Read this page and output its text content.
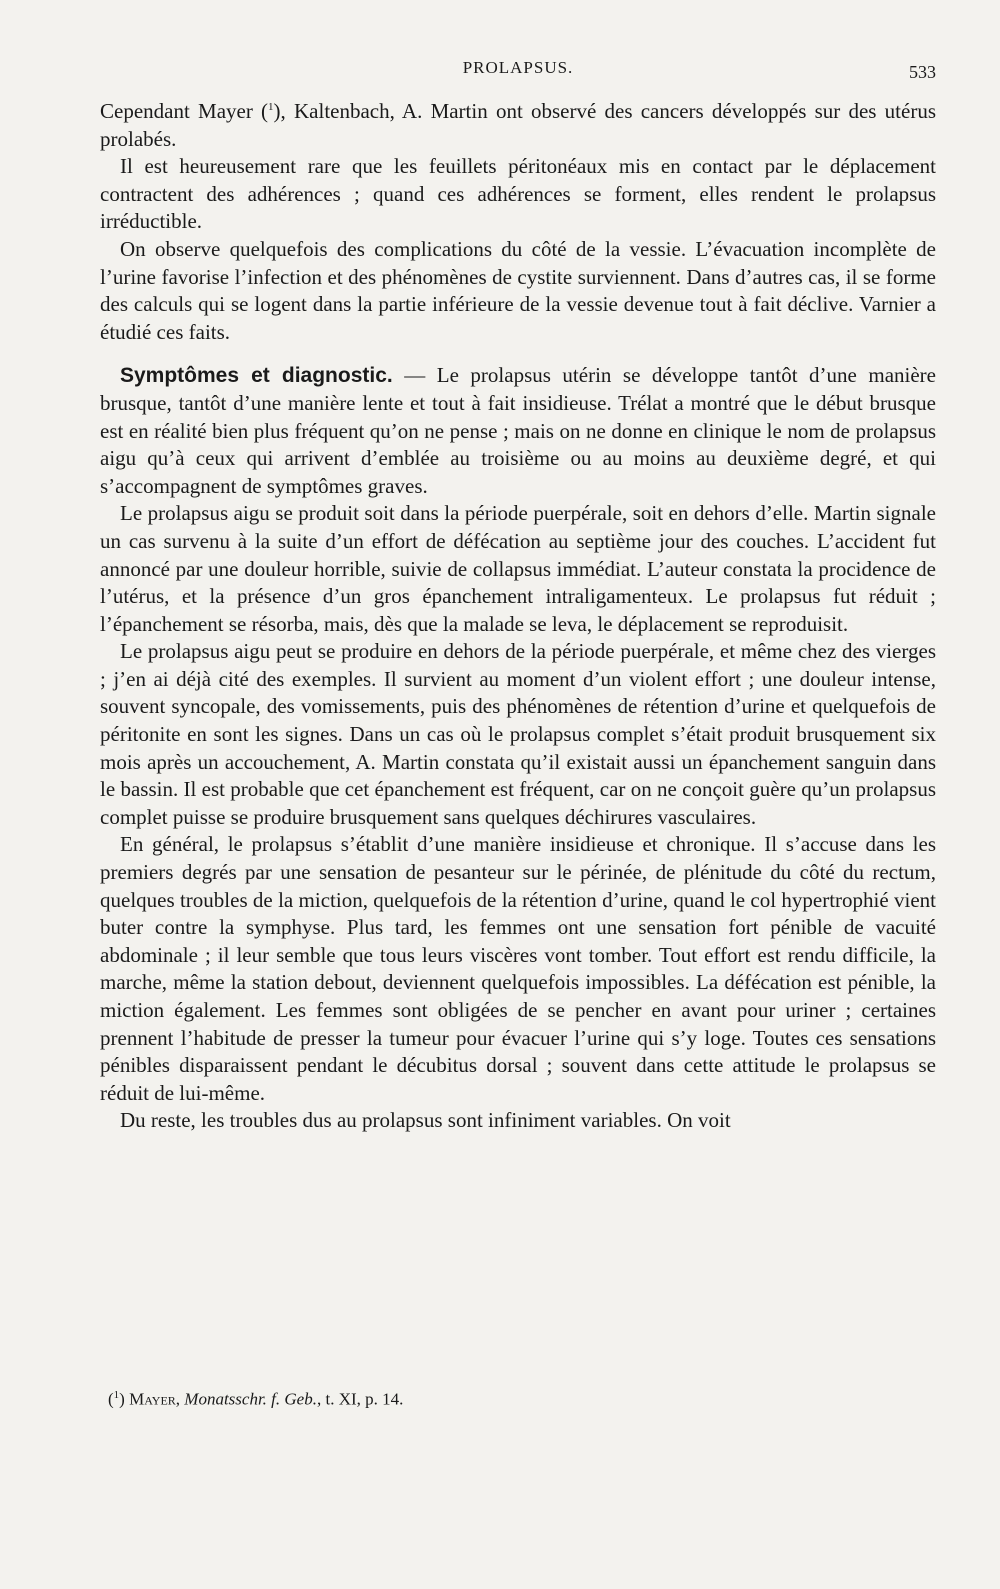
PROLAPSUS.	533

Cependant Mayer ($^1$), Kaltenbach, A. Martin ont observé des cancers développés sur des utérus prolabés.

Il est heureusement rare que les feuillets péritonéaux mis en contact par le déplacement contractent des adhérences ; quand ces adhérences se forment, elles rendent le prolapsus irréductible.

On observe quelquefois des complications du côté de la vessie. L’évacuation incomplète de l’urine favorise l’infection et des phénomènes de cystite surviennent. Dans d’autres cas, il se forme des calculs qui se logent dans la partie inférieure de la vessie devenue tout à fait déclive. Varnier a étudié ces faits.

Symptômes et diagnostic. — Le prolapsus utérin se développe tantôt d’une manière brusque, tantôt d’une manière lente et tout à fait insidieuse. Trélat a montré que le début brusque est en réalité bien plus fréquent qu’on ne pense ; mais on ne donne en clinique le nom de prolapsus aigu qu’à ceux qui arrivent d’emblée au troisième ou au moins au deuxième degré, et qui s’accompagnent de symptômes graves.

Le prolapsus aigu se produit soit dans la période puerpérale, soit en dehors d’elle. Martin signale un cas survenu à la suite d’un effort de défécation au septième jour des couches. L’accident fut annoncé par une douleur horrible, suivie de collapsus immédiat. L’auteur constata la procidence de l’utérus, et la présence d’un gros épanchement intraligamenteux. Le prolapsus fut réduit ; l’épanchement se résorba, mais, dès que la malade se leva, le déplacement se reproduisit.

Le prolapsus aigu peut se produire en dehors de la période puerpérale, et même chez des vierges ; j’en ai déjà cité des exemples. Il survient au moment d’un violent effort ; une douleur intense, souvent syncopale, des vomissements, puis des phénomènes de rétention d’urine et quelquefois de péritonite en sont les signes. Dans un cas où le prolapsus complet s’était produit brusquement six mois après un accouchement, A. Martin constata qu’il existait aussi un épanchement sanguin dans le bassin. Il est probable que cet épanchement est fréquent, car on ne conçoit guère qu’un prolapsus complet puisse se produire brusquement sans quelques déchirures vasculaires.

En général, le prolapsus s’établit d’une manière insidieuse et chronique. Il s’accuse dans les premiers degrés par une sensation de pesanteur sur le périnée, de plénitude du côté du rectum, quelques troubles de la miction, quelquefois de la rétention d’urine, quand le col hypertrophié vient buter contre la symphyse. Plus tard, les femmes ont une sensation fort pénible de vacuité abdominale ; il leur semble que tous leurs viscères vont tomber. Tout effort est rendu difficile, la marche, même la station debout, deviennent quelquefois impossibles. La défécation est pénible, la miction également. Les femmes sont obligées de se pencher en avant pour uriner ; certaines prennent l’habitude de presser la tumeur pour évacuer l’urine qui s’y loge. Toutes ces sensations pénibles disparaissent pendant le décubitus dorsal ; souvent dans cette attitude le prolapsus se réduit de lui-même.

Du reste, les troubles dus au prolapsus sont infiniment variables. On voit

($^1$) Mayer, Monatsschr. f. Geb., t. XI, p. 14.
